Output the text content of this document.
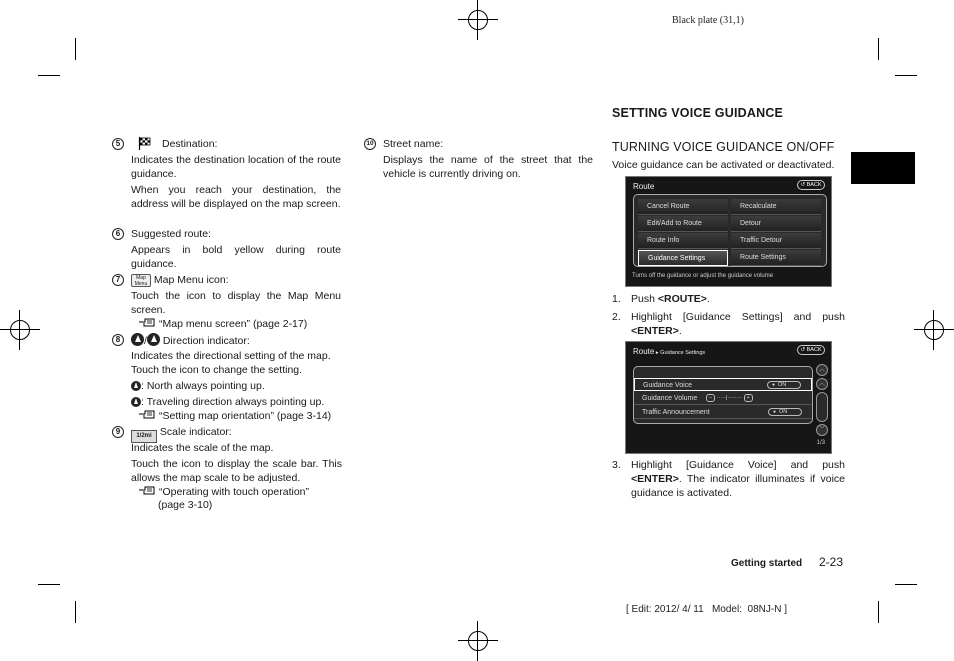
Black plate (31,1)
[ Edit: 2012/ 4/ 11   Model:  08NJ-N ]
5	Destination:
Indicates the destination location of the route guidance.
When you reach your destination, the address will be displayed on the map screen.
6	Suggested route:
Appears in bold yellow during route guidance.
7	Map Menu Map Menu icon:
Touch the icon to display the Map Menu screen.
“Map menu screen” (page 2-17)
8	/ Direction indicator:
Indicates the directional setting of the map.
Touch the icon to change the setting.
: North always pointing up.
: Traveling direction always pointing up.
“Setting map orientation” (page 3-14)
9	1/2mi Scale indicator:
Indicates the scale of the map.
Touch the icon to display the scale bar. This allows the map scale to be adjusted.
“Operating with touch operation”
(page 3-10)
10 Street name:
Displays the name of the street that the vehicle is currently driving on.
SETTING VOICE GUIDANCE
TURNING VOICE GUIDANCE ON/OFF
Voice guidance can be activated or deactivated.
Route	↺ BACK
Cancel Route
Edit/Add to Route
Route Info
Guidance Settings
Recalculate
Detour
Traffic Detour
Route Settings
Turns off the guidance or adjust the guidance volume
1. Push <ROUTE>.
2. Highlight [Guidance Settings] and push <ENTER>.
Route ▸ Guidance Settings	↺ BACK
Guidance Voice	● ON
Guidance Volume	− ·····|········ +
Traffic Announcement	● ON
︿
︿
﹀
1/3
3. Highlight [Guidance Voice] and push <ENTER>. The indicator illuminates if voice guidance is activated.
Getting started 2-23
